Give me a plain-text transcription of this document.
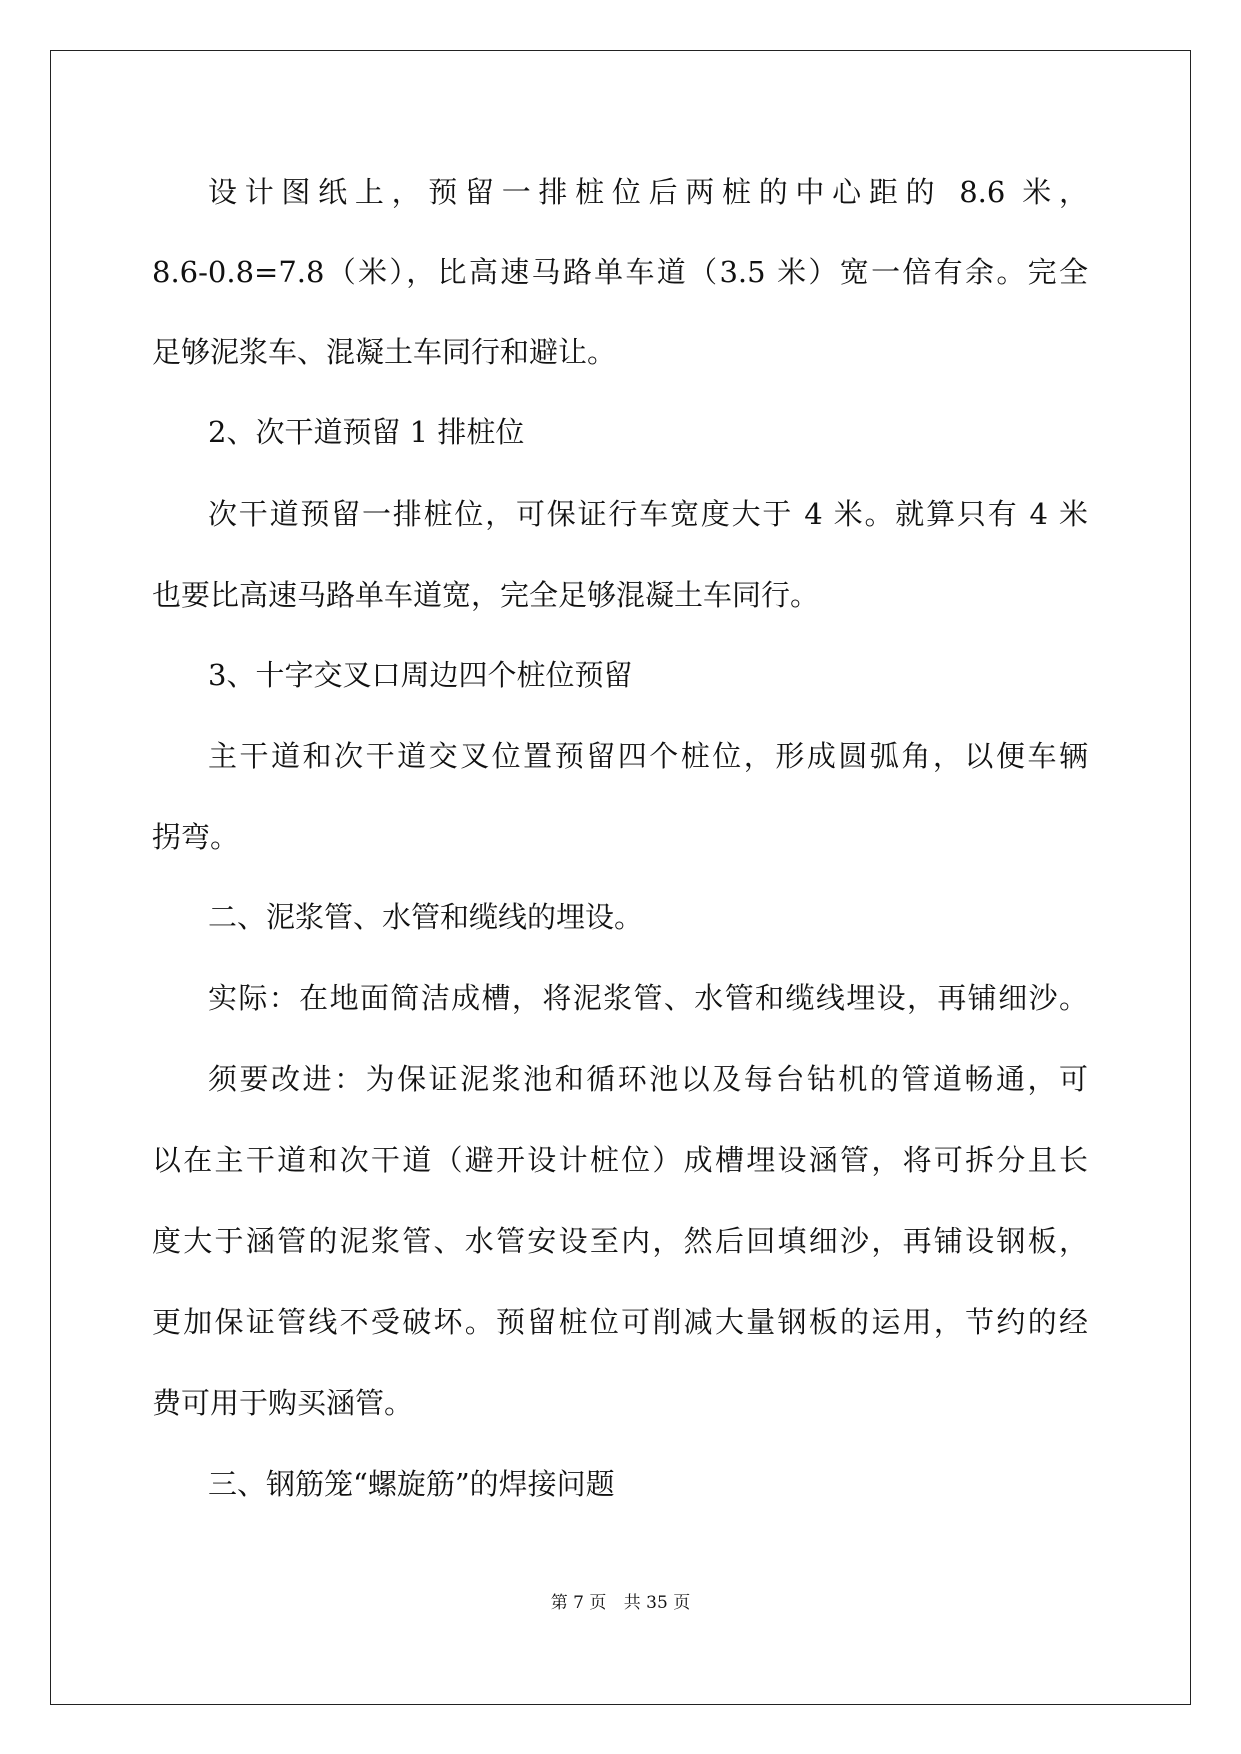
设计图纸上，预留一排桩位后两桩的中心距的 8.6 米，
8.6-0.8=7.8（米），比高速马路单车道（3.5 米）宽一倍有余。完全
足够泥浆车、混凝土车同行和避让。
2、次干道预留 1 排桩位
次干道预留一排桩位，可保证行车宽度大于 4 米。就算只有 4 米
也要比高速马路单车道宽，完全足够混凝土车同行。
3、十字交叉口周边四个桩位预留
主干道和次干道交叉位置预留四个桩位，形成圆弧角，以便车辆
拐弯。
二、泥浆管、水管和缆线的埋设。
实际：在地面简洁成槽，将泥浆管、水管和缆线埋设，再铺细沙。
须要改进：为保证泥浆池和循环池以及每台钻机的管道畅通，可
以在主干道和次干道（避开设计桩位）成槽埋设涵管，将可拆分且长
度大于涵管的泥浆管、水管安设至内，然后回填细沙，再铺设钢板，
更加保证管线不受破坏。预留桩位可削减大量钢板的运用，节约的经
费可用于购买涵管。
三、钢筋笼“螺旋筋”的焊接问题
第 7 页 共 35 页
